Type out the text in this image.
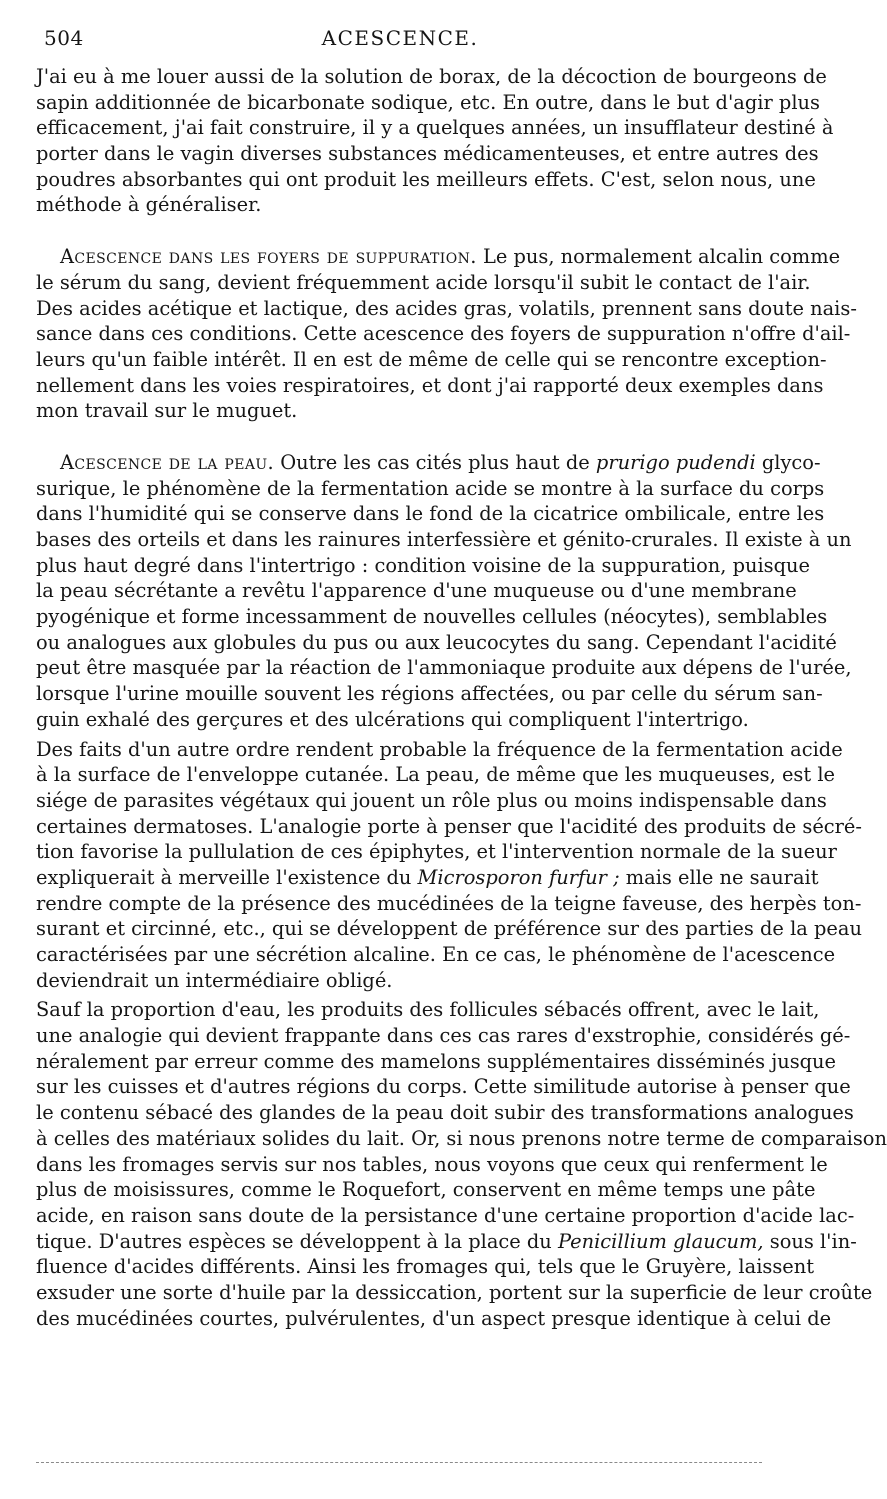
504	ACESCENCE.
J'ai eu à me louer aussi de la solution de borax, de la décoction de bourgeons de
sapin additionnée de bicarbonate sodique, etc. En outre, dans le but d'agir plus
efficacement, j'ai fait construire, il y a quelques années, un insufflateur destiné à
porter dans le vagin diverses substances médicamenteuses, et entre autres des
poudres absorbantes qui ont produit les meilleurs effets. C'est, selon nous, une
méthode à généraliser.
Acescence dans les foyers de suppuration. Le pus, normalement alcalin comme
le sérum du sang, devient fréquemment acide lorsqu'il subit le contact de l'air.
Des acides acétique et lactique, des acides gras, volatils, prennent sans doute nais-
sance dans ces conditions. Cette acescence des foyers de suppuration n'offre d'ail-
leurs qu'un faible intérêt. Il en est de même de celle qui se rencontre exception-
nellement dans les voies respiratoires, et dont j'ai rapporté deux exemples dans
mon travail sur le muguet.
Acescence de la peau. Outre les cas cités plus haut de prurigo pudendi glyco-
surique, le phénomène de la fermentation acide se montre à la surface du corps
dans l'humidité qui se conserve dans le fond de la cicatrice ombilicale, entre les
bases des orteils et dans les rainures interfessière et génito-crurales. Il existe à un
plus haut degré dans l'intertrigo : condition voisine de la suppuration, puisque
la peau sécrétante a revêtu l'apparence d'une muqueuse ou d'une membrane
pyogénique et forme incessamment de nouvelles cellules (néocytes), semblables
ou analogues aux globules du pus ou aux leucocytes du sang. Cependant l'acidité
peut être masquée par la réaction de l'ammoniaque produite aux dépens de l'urée,
lorsque l'urine mouille souvent les régions affectées, ou par celle du sérum san-
guin exhalé des gerçures et des ulcérations qui compliquent l'intertrigo.
Des faits d'un autre ordre rendent probable la fréquence de la fermentation acide
à la surface de l'enveloppe cutanée. La peau, de même que les muqueuses, est le
siége de parasites végétaux qui jouent un rôle plus ou moins indispensable dans
certaines dermatoses. L'analogie porte à penser que l'acidité des produits de sécré-
tion favorise la pullulation de ces épiphytes, et l'intervention normale de la sueur
expliquerait à merveille l'existence du Microsporon furfur ; mais elle ne saurait
rendre compte de la présence des mucédinées de la teigne faveuse, des herpès ton-
surant et circinné, etc., qui se développent de préférence sur des parties de la peau
caractérisées par une sécrétion alcaline. En ce cas, le phénomène de l'acescence
deviendrait un intermédiaire obligé.
Sauf la proportion d'eau, les produits des follicules sébacés offrent, avec le lait,
une analogie qui devient frappante dans ces cas rares d'exstrophie, considérés gé-
néralement par erreur comme des mamelons supplémentaires disséminés jusque
sur les cuisses et d'autres régions du corps. Cette similitude autorise à penser que
le contenu sébacé des glandes de la peau doit subir des transformations analogues
à celles des matériaux solides du lait. Or, si nous prenons notre terme de comparaison
dans les fromages servis sur nos tables, nous voyons que ceux qui renferment le
plus de moisissures, comme le Roquefort, conservent en même temps une pâte
acide, en raison sans doute de la persistance d'une certaine proportion d'acide lac-
tique. D'autres espèces se développent à la place du Penicillium glaucum, sous l'in-
fluence d'acides différents. Ainsi les fromages qui, tels que le Gruyère, laissent
exsuder une sorte d'huile par la dessiccation, portent sur la superficie de leur croûte
des mucédinées courtes, pulvérulentes, d'un aspect presque identique à celui de
